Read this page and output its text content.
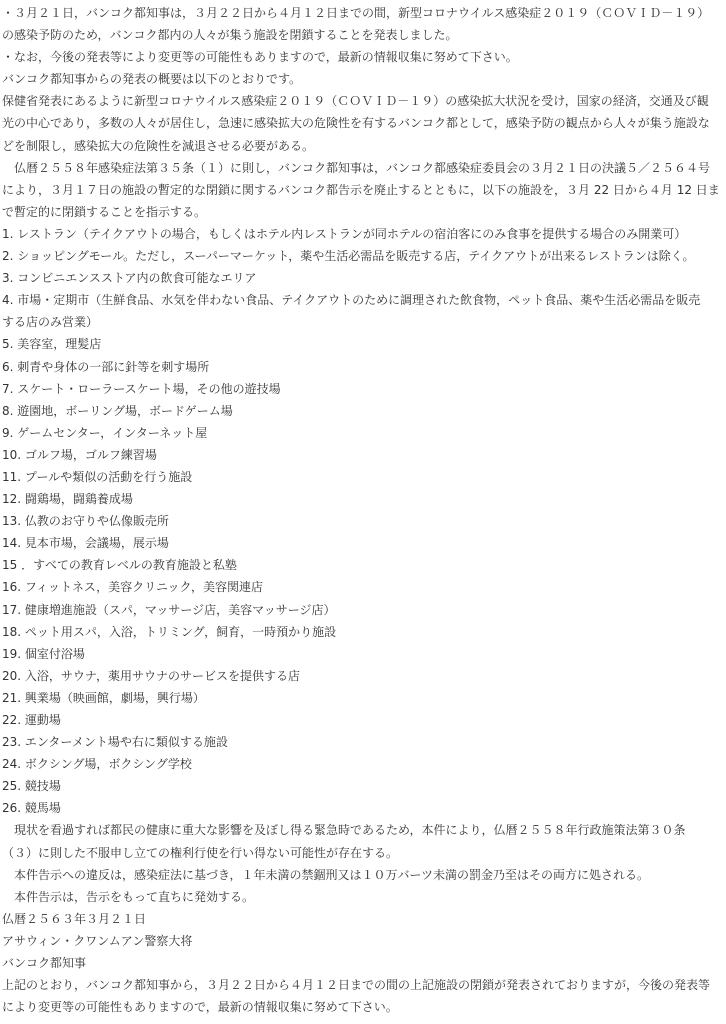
・３月２１日，バンコク都知事は，３月２２日から４月１２日までの間，新型コロナウイルス感染症２０１９（ＣＯＶＩＤ－１９）
の感染予防のため，バンコク都内の人々が集う施設を閉鎖することを発表しました。
・なお，今後の発表等により変更等の可能性もありますので，最新の情報収集に努めて下さい。
バンコク都知事からの発表の概要は以下のとおりです。
保健省発表にあるように新型コロナウイルス感染症２０１９（ＣＯＶＩＤ－１９）の感染拡大状況を受け，国家の経済，交通及び観
光の中心であり，多数の人々が居住し，急速に感染拡大の危険性を有するバンコク都として，感染予防の観点から人々が集う施設な
どを制限し，感染拡大の危険性を減退させる必要がある。
　仏暦２５５８年感染症法第３５条（１）に則し，バンコク都知事は，バンコク都感染症委員会の３月２１日の決議５／２５６４号
により，３月１７日の施設の暫定的な閉鎖に関するバンコク都告示を廃止するとともに，以下の施設を，３月 22 日から４月 12 日ま
で暫定的に閉鎖することを指示する。
1. レストラン（テイクアウトの場合，もしくはホテル内レストランが同ホテルの宿泊客にのみ食事を提供する場合のみ開業可）
2. ショッピングモール。ただし，スーパーマーケット，薬や生活必需品を販売する店，テイクアウトが出来るレストランは除く。
3. コンビニエンスストア内の飲食可能なエリア
4. 市場・定期市（生鮮食品、水気を伴わない食品、テイクアウトのために調理された飲食物，ペット食品、薬や生活必需品を販売
する店のみ営業）
5. 美容室，理髪店
6. 刺青や身体の一部に針等を刺す場所
7. スケート・ローラースケート場，その他の遊技場
8. 遊園地，ボーリング場，ボードゲーム場
9. ゲームセンター，インターネット屋
10. ゴルフ場，ゴルフ練習場
11. プールや類似の活動を行う施設
12. 闘鶏場，闘鶏養成場
13. 仏教のお守りや仏像販売所
14. 見本市場，会議場，展示場
15 ．すべての教育レベルの教育施設と私塾
16. フィットネス，美容クリニック，美容関連店
17. 健康増進施設（スパ，マッサージ店，美容マッサージ店）
18. ペット用スパ，入浴，トリミング，飼育，一時預かり施設
19. 個室付浴場
20. 入浴，サウナ，薬用サウナのサービスを提供する店
21. 興業場（映画館，劇場，興行場）
22. 運動場
23. エンターメント場や右に類似する施設
24. ボクシング場，ボクシング学校
25. 競技場
26. 競馬場
　現状を看過すれば都民の健康に重大な影響を及ぼし得る緊急時であるため，本件により，仏暦２５５８年行政施策法第３０条
（３）に則した不服申し立ての権利行使を行い得ない可能性が存在する。
　本件告示への違反は，感染症法に基づき，１年未満の禁錮刑又は１０万バーツ未満の罰金乃至はその両方に処される。
　本件告示は，告示をもって直ちに発効する。
仏暦２５６３年３月２１日
アサウィン・クワンムアン警察大将
バンコク都知事
上記のとおり，バンコク都知事から，３月２２日から４月１２日までの間の上記施設の閉鎖が発表されておりますが，今後の発表等
により変更等の可能性もありますので，最新の情報収集に努めて下さい。
